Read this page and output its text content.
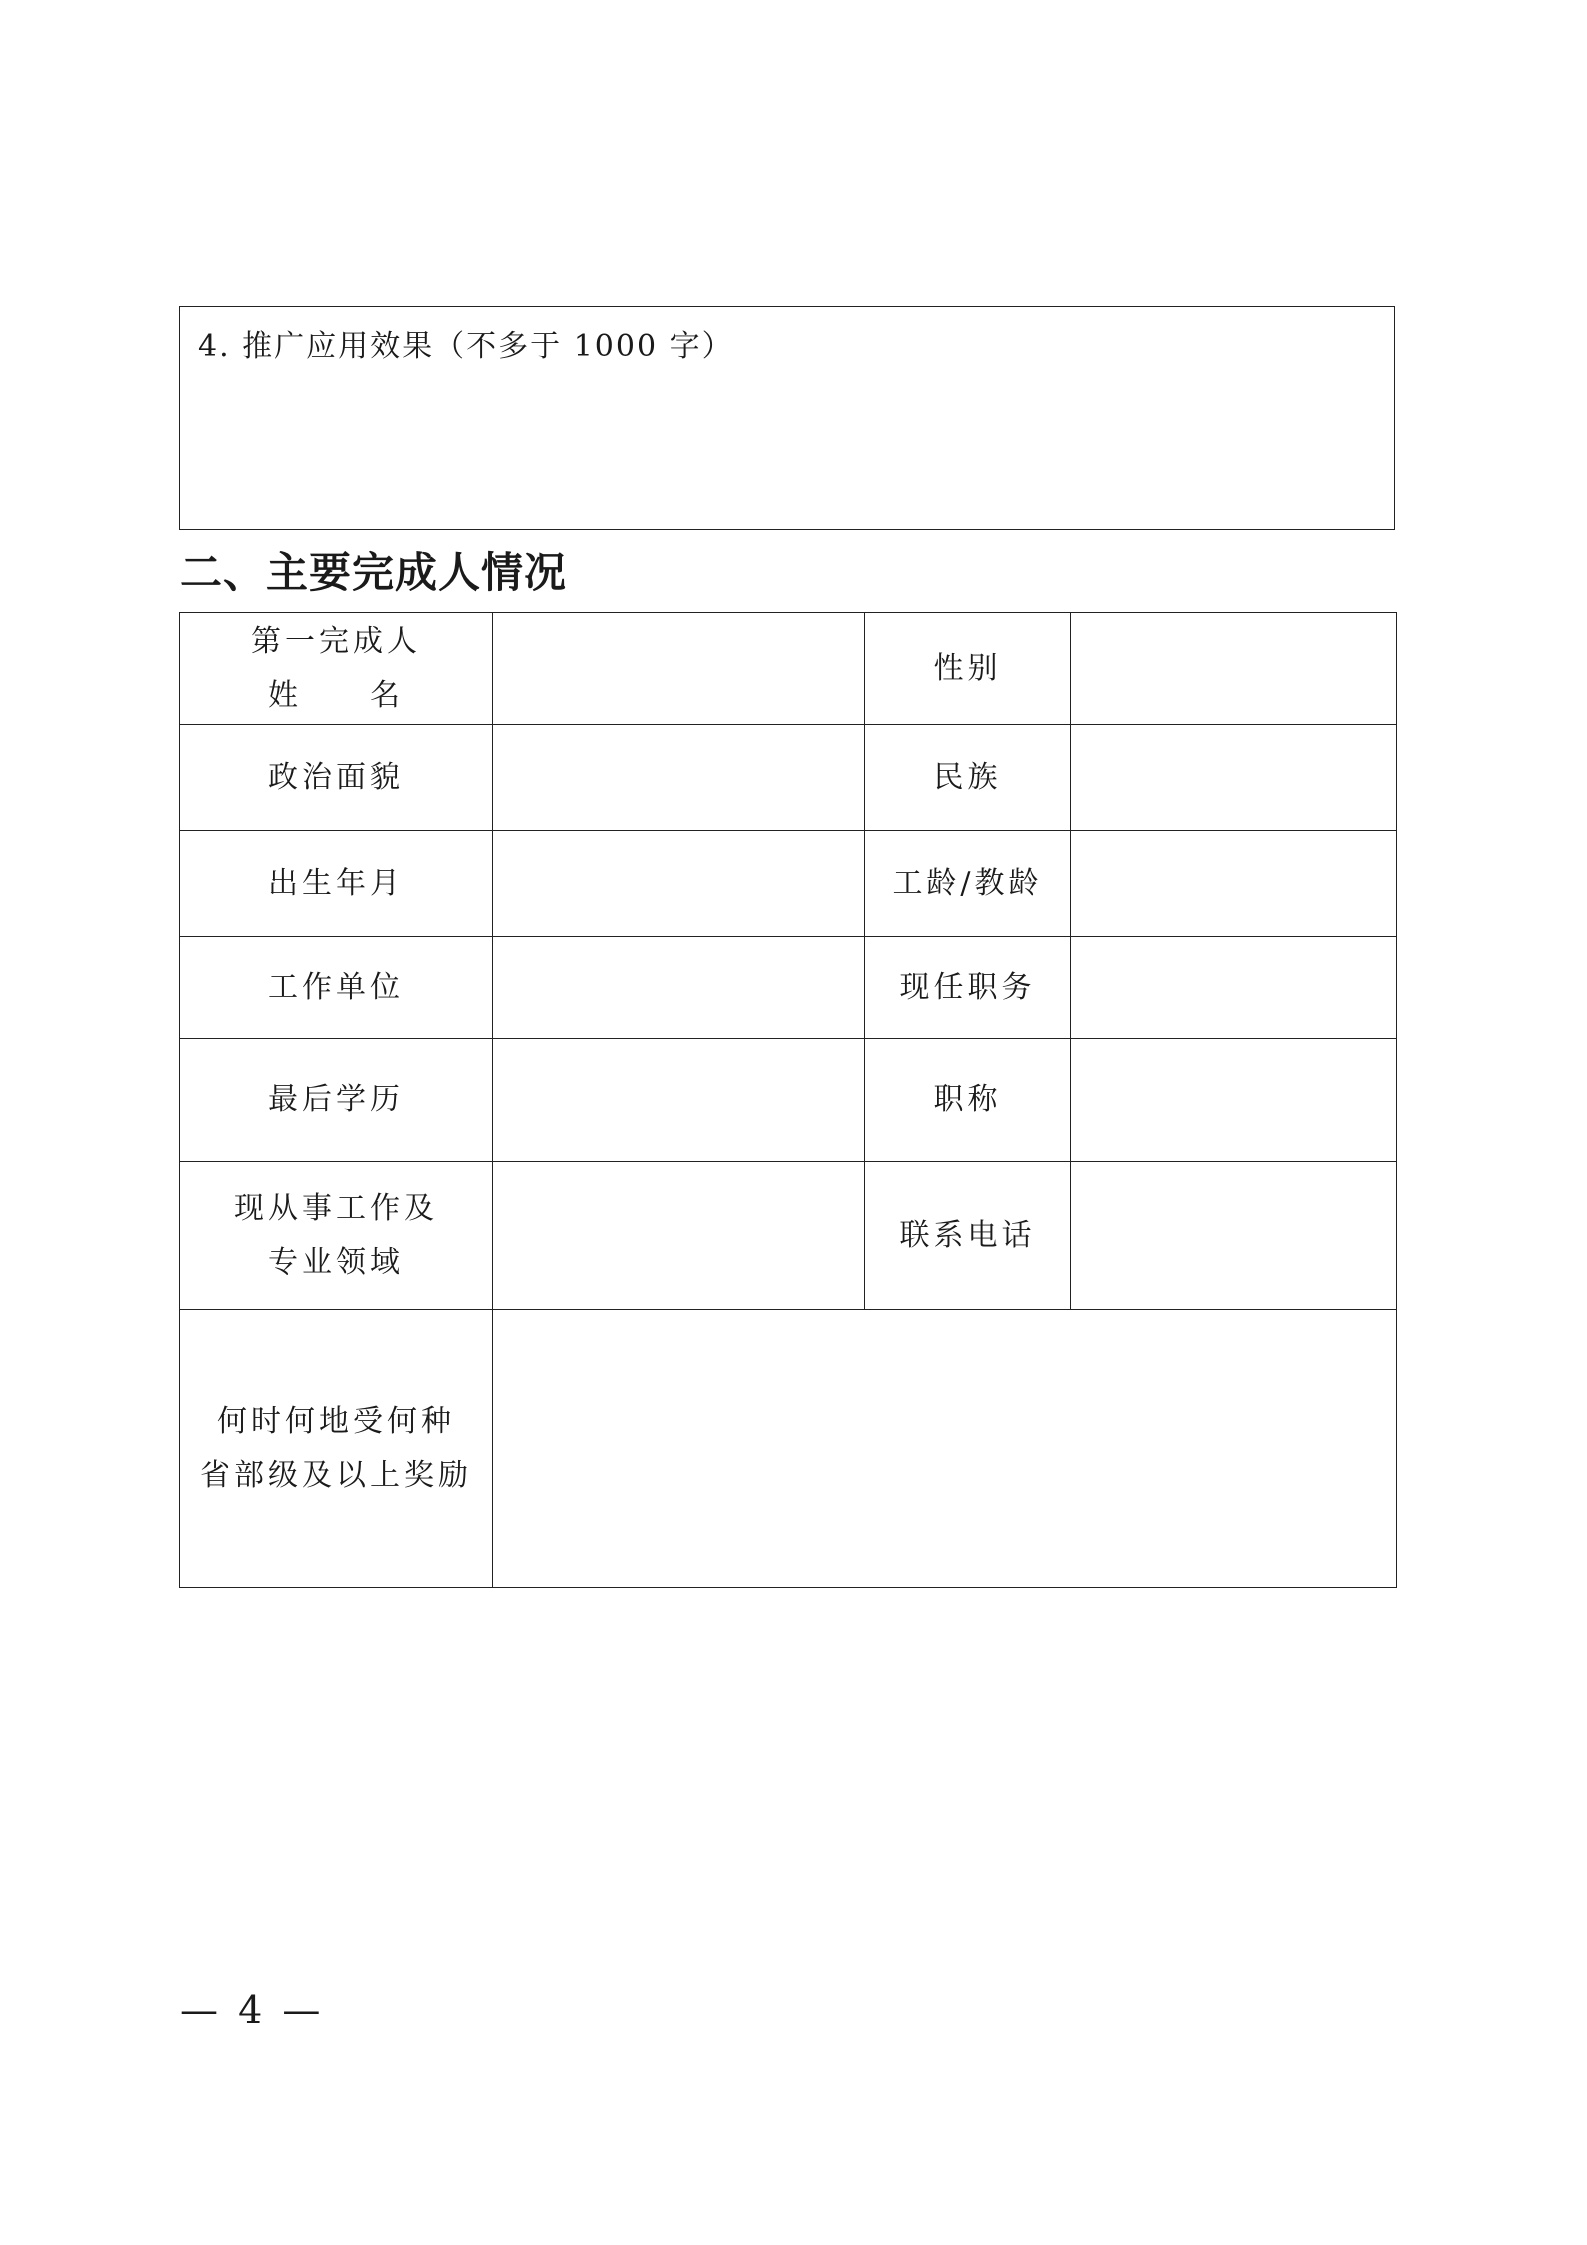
4. 推广应用效果（不多于 1000 字）
二、主要完成人情况
第一完成人
姓　　名		性别	
政治面貌		民族	
出生年月		工龄/教龄	
工作单位		现任职务	
最后学历		职称	

现从事工作及
专业领域		联系电话	

何时何地受何种
省部级及以上奖励			

— 4 —
